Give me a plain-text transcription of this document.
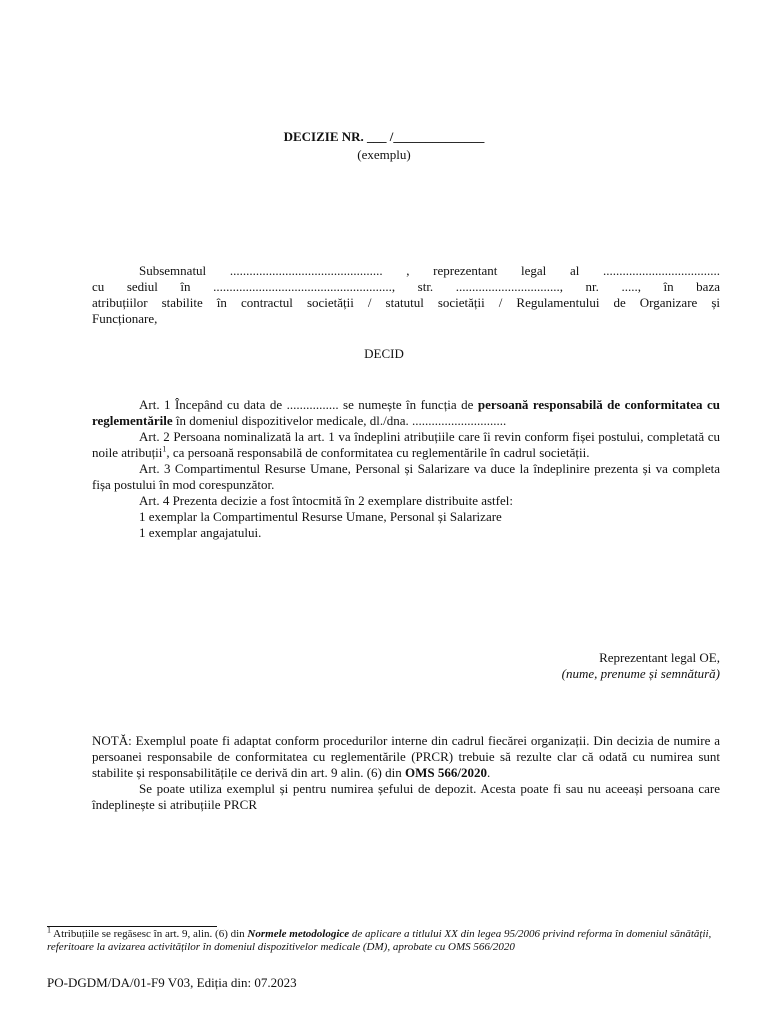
DECIZIE NR. ___ /______________
(exemplu)
Subsemnatul ............................................... , reprezentant legal al ....................................
cu sediul în ......................................................., str. ................................, nr. ....., în baza
atribuțiilor stabilite în contractul societății / statutul societății / Regulamentului de Organizare și
Funcționare,
DECID
Art. 1 Începând cu data de ................ se numește în funcția de persoană responsabilă de conformitatea cu reglementările în domeniul dispozitivelor medicale, dl./dna. .............................
Art. 2 Persoana nominalizată la art. 1 va îndeplini atribuțiile care îi revin conform fișei postului, completată cu noile atribuții$^1$, ca persoană responsabilă de conformitatea cu reglementările în cadrul societății.
Art. 3 Compartimentul Resurse Umane, Personal și Salarizare va duce la îndeplinire prezenta și va completa fișa postului în mod corespunzător.
Art. 4 Prezenta decizie a fost întocmită în 2 exemplare distribuite astfel:
1 exemplar la Compartimentul Resurse Umane, Personal și Salarizare
1 exemplar angajatului.
Reprezentant legal OE,
(nume, prenume și semnătură)
NOTĂ: Exemplul poate fi adaptat conform procedurilor interne din cadrul fiecărei organizații. Din decizia de numire a persoanei responsabile de conformitatea cu reglementările (PRCR) trebuie să rezulte clar că odată cu numirea sunt stabilite și responsabilitățile ce derivă din art. 9 alin. (6) din OMS 566/2020.
Se poate utiliza exemplul și pentru numirea șefului de depozit. Acesta poate fi sau nu aceeași persoana care îndeplinește si atribuțiile PRCR
$^1$ Atribuțiile se regăsesc în art. 9, alin. (6) din Normele metodologice de aplicare a titlului XX din legea 95/2006 privind reforma în domeniul sănătății, referitoare la avizarea activităților în domeniul dispozitivelor medicale (DM), aprobate cu OMS 566/2020
PO-DGDM/DA/01-F9 V03, Ediția din: 07.2023
